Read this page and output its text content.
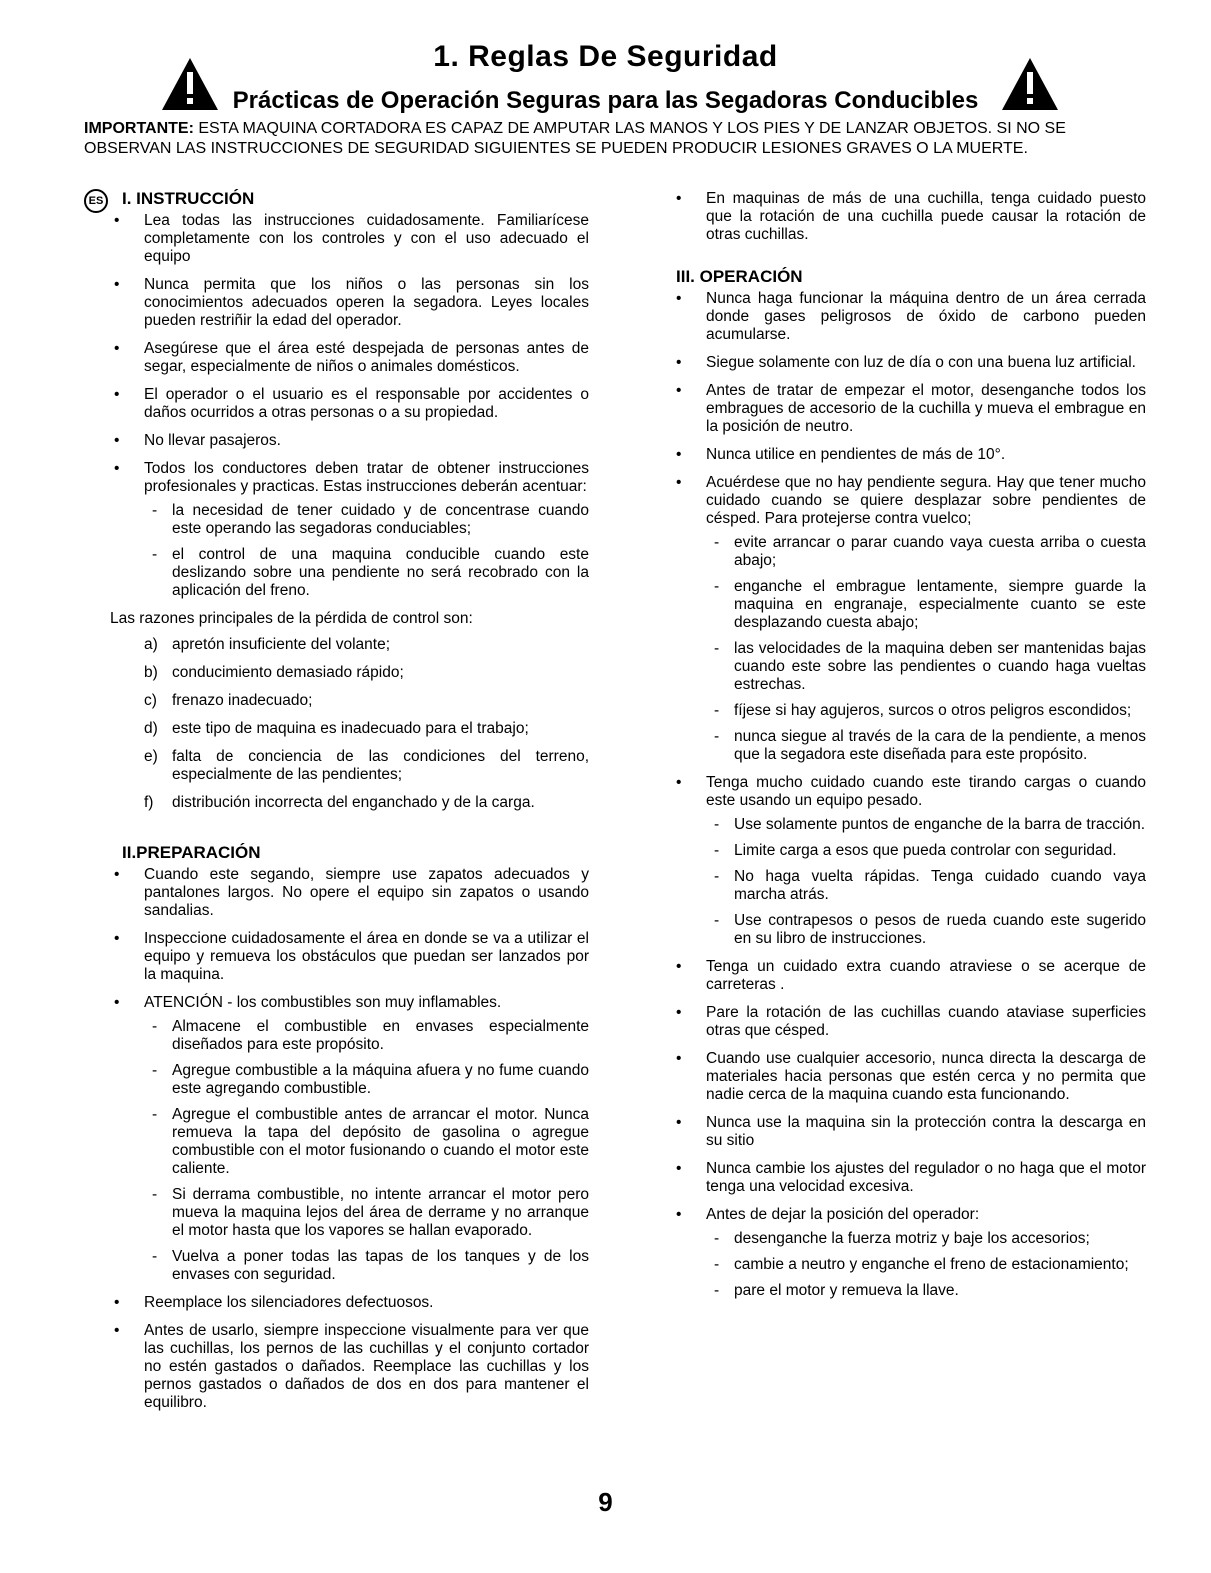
1. Reglas De Seguridad
Prácticas de Operación Seguras para las Segadoras Conducibles
IMPORTANTE: ESTA MAQUINA CORTADORA ES CAPAZ DE AMPUTAR LAS MANOS Y LOS PIES Y DE LANZAR OBJETOS. SI NO SE OBSERVAN LAS INSTRUCCIONES DE SEGURIDAD SIGUIENTES SE PUEDEN PRODUCIR LESIONES GRAVES O LA MUERTE.
ES I. INSTRUCCIÓN
• Lea todas las instrucciones cuidadosamente. Familiarícese completamente con los controles y con el uso adecuado el equipo
• Nunca permita que los niños o las personas sin los conocimientos adecuados operen la segadora. Leyes locales pueden restriñir la edad del operador.
• Asegúrese que el área esté despejada de personas antes de segar, especialmente de niños o animales domésticos.
• El operador o el usuario es el responsable por accidentes o daños ocurridos a otras personas o a su propiedad.
• No llevar pasajeros.
• Todos los conductores deben tratar de obtener instrucciones profesionales y practicas. Estas instrucciones deberán acentuar:
- la necesidad de tener cuidado y de concentrase cuando este operando las segadoras conduciables;
- el control de una maquina conducible cuando este deslizando sobre una pendiente no será recobrado con la aplicación del freno.
Las razones principales de la pérdida de control son:
a) apretón insuficiente del volante;
b) conducimiento demasiado rápido;
c) frenazo inadecuado;
d) este tipo de maquina es inadecuado para el trabajo;
e) falta de conciencia de las condiciones del terreno, especialmente de las pendientes;
f) distribución incorrecta del enganchado y de la carga.
II.PREPARACIÓN
• Cuando este segando, siempre use zapatos adecuados y pantalones largos. No opere el equipo sin zapatos o usando sandalias.
• Inspeccione cuidadosamente el área en donde se va a utilizar el equipo y remueva los obstáculos que puedan ser lanzados por la maquina.
• ATENCIÓN - los combustibles son muy inflamables.
- Almacene el combustible en envases especialmente diseñados para este propósito.
- Agregue combustible a la máquina afuera y no fume cuando este agregando combustible.
- Agregue el combustible antes de arrancar el motor. Nunca remueva la tapa del depósito de gasolina o agregue combustible con el motor fusionando o cuando el motor este caliente.
- Si derrama combustible, no intente arrancar el motor pero mueva la maquina lejos del área de derrame y no arranque el motor hasta que los vapores se hallan evaporado.
- Vuelva a poner todas las tapas de los tanques y de los envases con seguridad.
• Reemplace los silenciadores defectuosos.
• Antes de usarlo, siempre inspeccione visualmente para ver que las cuchillas, los pernos de las cuchillas y el conjunto cortador no estén gastados o dañados. Reemplace las cuchillas y los pernos gastados o dañados de dos en dos para mantener el equilibro.
• En maquinas de más de una cuchilla, tenga cuidado puesto que la rotación de una cuchilla puede causar la rotación de otras cuchillas.
III. OPERACIÓN
• Nunca haga funcionar la máquina dentro de un área cerrada donde gases peligrosos de óxido de carbono pueden acumularse.
• Siegue solamente con luz de día o con una buena luz artificial.
• Antes de tratar de empezar el motor, desenganche todos los embragues de accesorio de la cuchilla y mueva el embrague en la posición de neutro.
• Nunca utilice en pendientes de más de 10°.
• Acuérdese que no hay pendiente segura. Hay que tener mucho cuidado cuando se quiere desplazar sobre pendientes de césped. Para protejerse contra vuelco;
- evite arrancar o parar cuando vaya cuesta arriba o cuesta abajo;
- enganche el embrague lentamente, siempre guarde la maquina en engranaje, especialmente cuanto se este desplazando cuesta abajo;
- las velocidades de la maquina deben ser mantenidas bajas cuando este sobre las pendientes o cuando haga vueltas estrechas.
- fíjese si hay agujeros, surcos o otros peligros escondidos;
- nunca siegue al través de la cara de la pendiente, a menos que la segadora este diseñada para este propósito.
• Tenga mucho cuidado cuando este tirando cargas o cuando este usando un equipo pesado.
- Use solamente puntos de enganche de la barra de tracción.
- Limite carga a esos que pueda controlar con seguridad.
- No haga vuelta rápidas. Tenga cuidado cuando vaya marcha atrás.
- Use contrapesos o pesos de rueda cuando este sugerido en su libro de instrucciones.
• Tenga un cuidado extra cuando atraviese o se acerque de carreteras .
• Pare la rotación de las cuchillas cuando ataviase superficies otras que césped.
• Cuando use cualquier accesorio, nunca directa la descarga de materiales hacia personas que estén cerca y no permita que nadie cerca de la maquina cuando esta funcionando.
• Nunca use la maquina sin la protección contra la descarga en su sitio
• Nunca cambie los ajustes del regulador o no haga que el motor tenga una velocidad excesiva.
• Antes de dejar la posición del operador:
- desenganche la fuerza motriz y baje los accesorios;
- cambie a neutro y enganche el freno de estacionamiento;
- pare el motor y remueva la llave.
9
